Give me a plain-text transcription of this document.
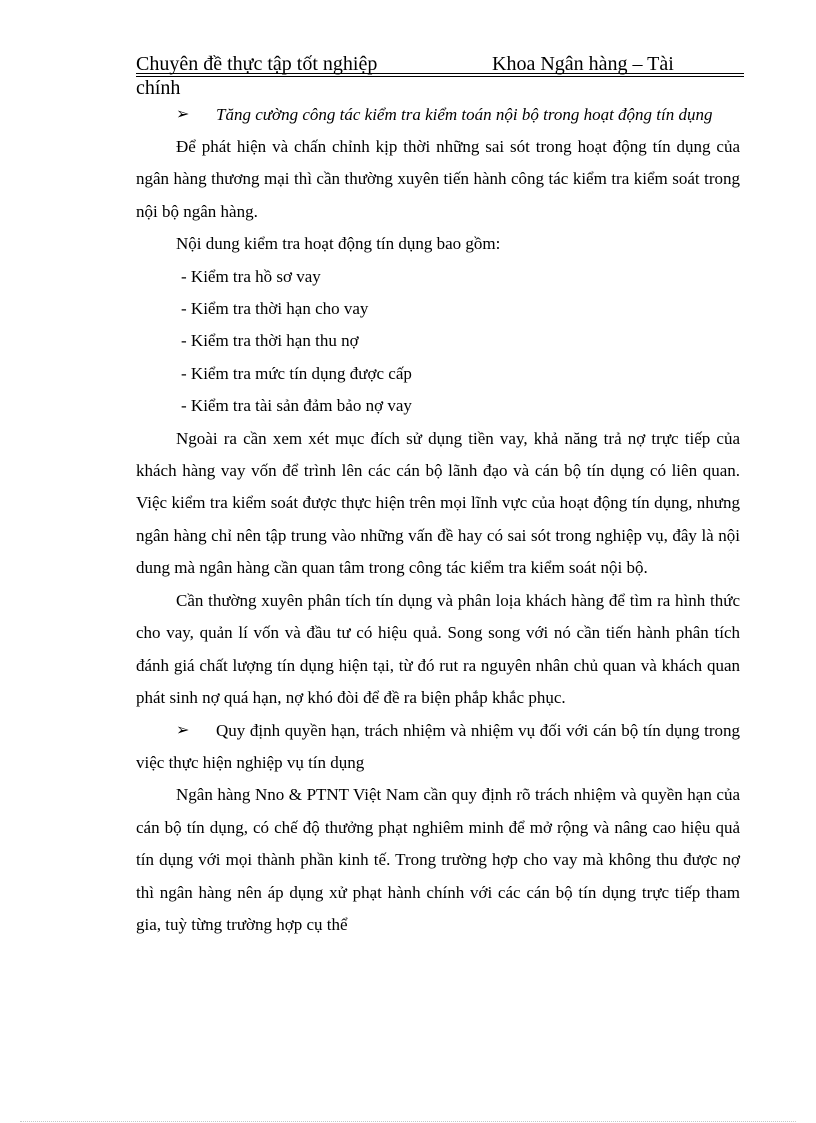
Chuyên đề thực tập tốt nghiệp	Khoa Ngân hàng – Tài
chính
➢	Tăng cường công tác kiểm tra kiểm toán nội bộ trong hoạt động tín dụng

Để phát hiện và chấn chỉnh kịp thời những sai sót trong hoạt động tín dụng của ngân hàng thương mại thì cần thường xuyên tiến hành công tác kiểm tra kiểm soát trong nội bộ ngân hàng.

Nội dung kiểm tra hoạt động tín dụng bao gồm:

- Kiểm tra hồ sơ vay
- Kiểm tra thời hạn cho vay
- Kiểm tra thời hạn thu nợ
- Kiểm tra mức tín dụng được cấp
- Kiểm tra tài sản đảm bảo nợ vay

Ngoài ra cần xem xét mục đích sử dụng tiền vay, khả năng trả nợ trực tiếp của khách hàng vay vốn để trình lên các cán bộ lãnh đạo và cán bộ tín dụng có liên quan. Việc kiểm tra kiểm soát được thực hiện trên mọi lĩnh vực của hoạt động tín dụng, nhưng ngân hàng chỉ nên tập trung vào những vấn đề hay có sai sót trong nghiệp vụ, đây là nội dung mà ngân hàng cần quan tâm trong công tác kiểm tra kiểm soát nội bộ.

Cần thường xuyên phân tích tín dụng và phân loịa khách hàng để tìm ra hình thức cho vay, quản lí vốn và đầu tư có hiệu quả. Song song với nó cần tiến hành phân tích đánh giá chất lượng tín dụng hiện tại, từ đó rut ra nguyên nhân chủ quan và khách quan phát sinh nợ quá hạn, nợ khó đòi để đề ra biện phắp khắc phục.

➢	Quy định quyền hạn, trách nhiệm và nhiệm vụ đối với cán bộ tín dụng trong việc thực hiện nghiệp vụ tín dụng

Ngân hàng Nno & PTNT Việt Nam cần quy định rõ trách nhiệm và quyền hạn của cán bộ tín dụng, có chế độ thưởng phạt nghiêm minh để mở rộng và nâng cao hiệu quả tín dụng với mọi thành phần kinh tế. Trong trường hợp cho vay mà không thu được nợ thì ngân hàng nên áp dụng xử phạt hành chính với các cán bộ tín dụng trực tiếp tham gia, tuỳ từng trường hợp cụ thể
